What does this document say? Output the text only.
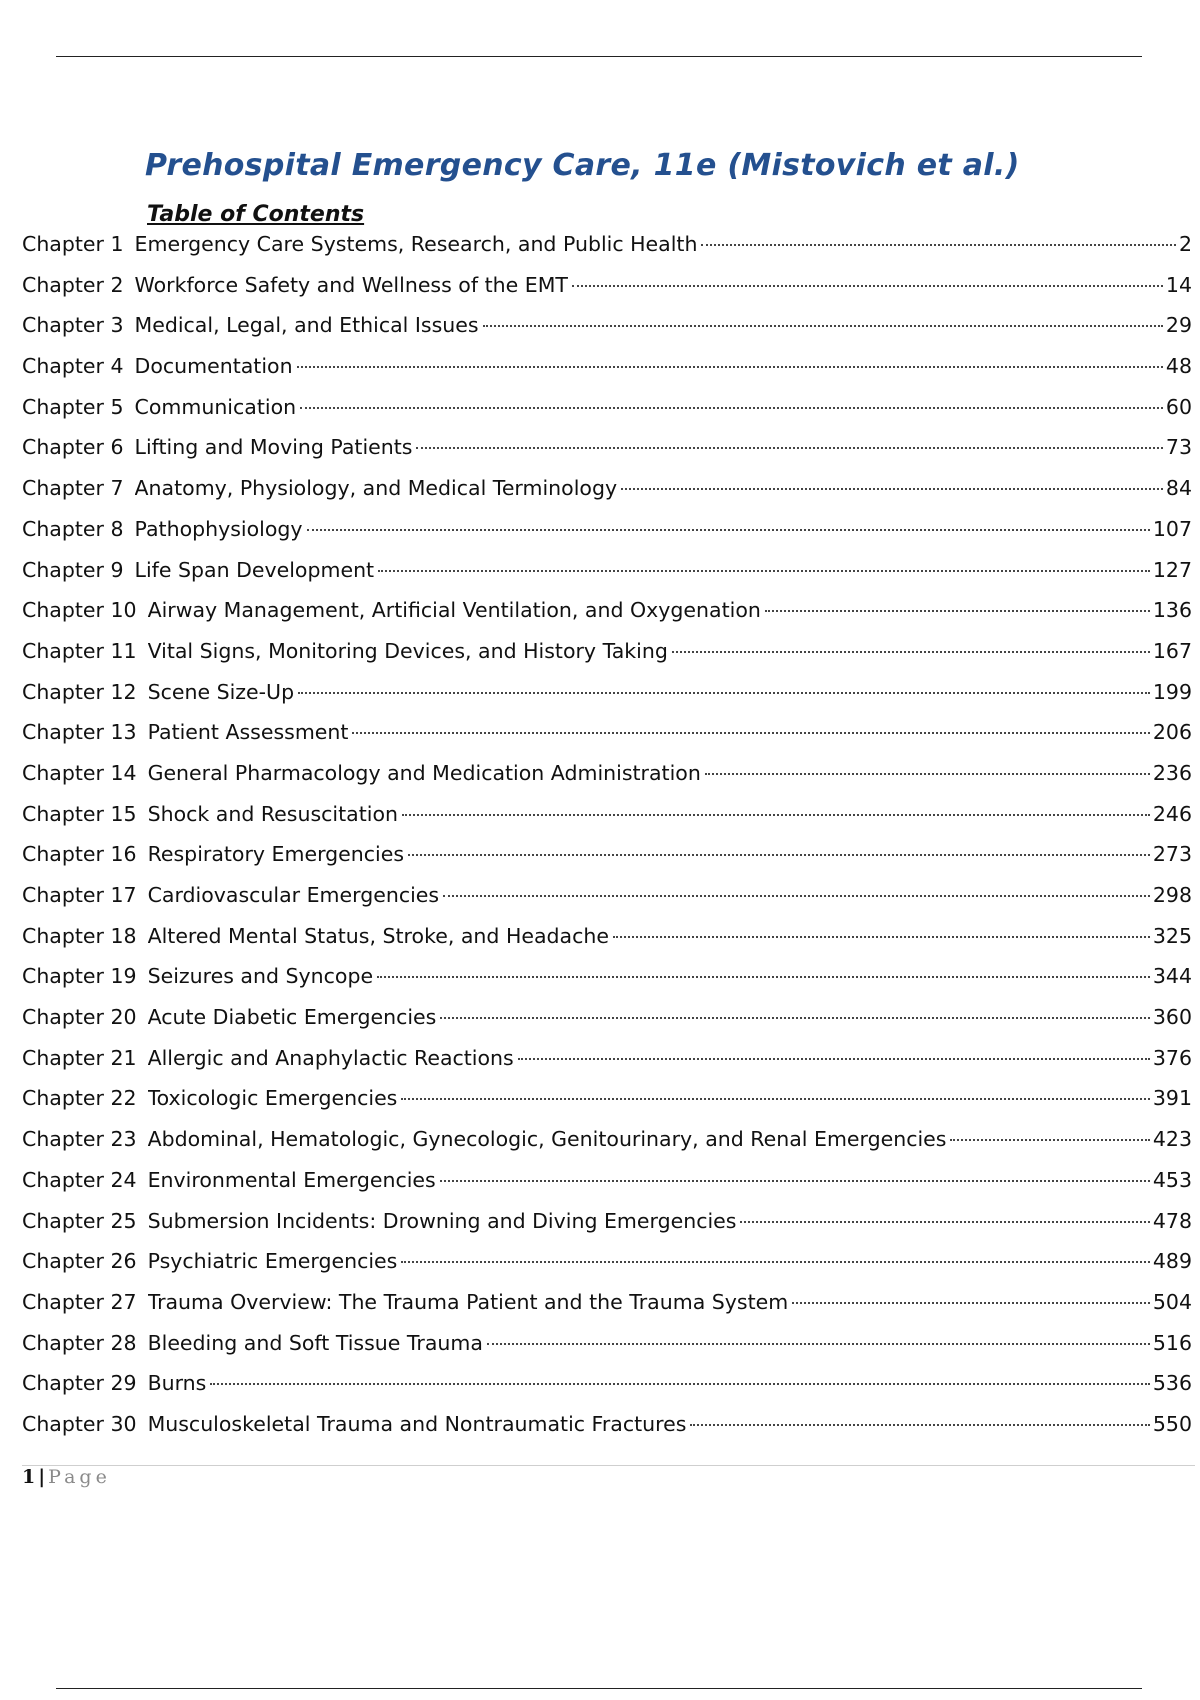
Prehospital Emergency Care, 11e (Mistovich et al.)
Table of Contents
Chapter 1 Emergency Care Systems, Research, and Public Health	2
Chapter 2 Workforce Safety and Wellness of the EMT	14
Chapter 3 Medical, Legal, and Ethical Issues	29
Chapter 4 Documentation	48
Chapter 5 Communication	60
Chapter 6 Lifting and Moving Patients	73
Chapter 7 Anatomy, Physiology, and Medical Terminology	84
Chapter 8 Pathophysiology	107
Chapter 9 Life Span Development	127
Chapter 10 Airway Management, Artificial Ventilation, and Oxygenation	136
Chapter 11 Vital Signs, Monitoring Devices, and History Taking	167
Chapter 12 Scene Size-Up	199
Chapter 13 Patient Assessment	206
Chapter 14 General Pharmacology and Medication Administration	236
Chapter 15 Shock and Resuscitation	246
Chapter 16 Respiratory Emergencies	273
Chapter 17 Cardiovascular Emergencies	298
Chapter 18 Altered Mental Status, Stroke, and Headache	325
Chapter 19 Seizures and Syncope	344
Chapter 20 Acute Diabetic Emergencies	360
Chapter 21 Allergic and Anaphylactic Reactions	376
Chapter 22 Toxicologic Emergencies	391
Chapter 23 Abdominal, Hematologic, Gynecologic, Genitourinary, and Renal Emergencies	423
Chapter 24 Environmental Emergencies	453
Chapter 25 Submersion Incidents: Drowning and Diving Emergencies	478
Chapter 26 Psychiatric Emergencies	489
Chapter 27 Trauma Overview: The Trauma Patient and the Trauma System	504
Chapter 28 Bleeding and Soft Tissue Trauma	516
Chapter 29 Burns	536
Chapter 30 Musculoskeletal Trauma and Nontraumatic Fractures	550
1 | Page
